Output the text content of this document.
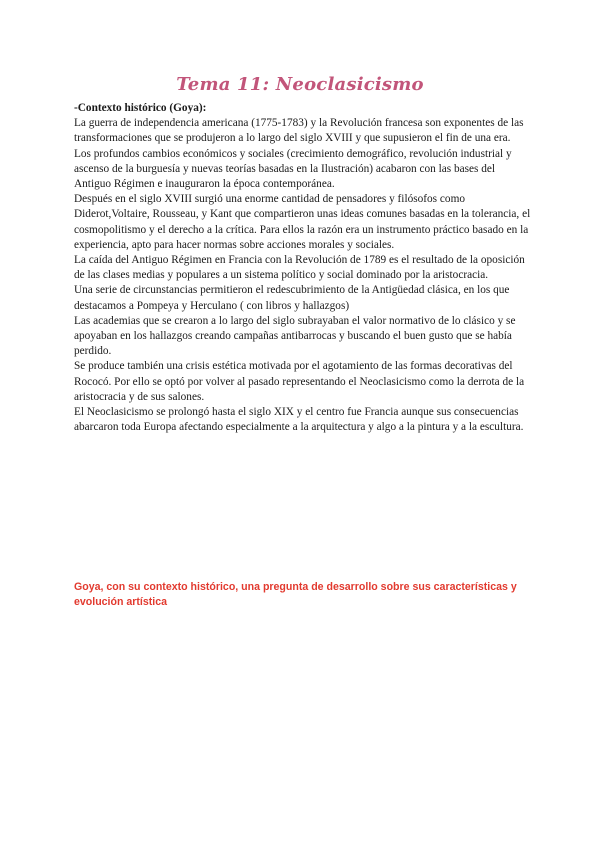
Tema 11: Neoclasicismo

-Contexto histórico (Goya):

La guerra de independencia americana (1775-1783) y la Revolución francesa son exponentes de las transformaciones que se produjeron a lo largo del siglo XVIII y que supusieron el fin de una era.

Los profundos cambios económicos y sociales (crecimiento demográfico, revolución industrial y ascenso de la burguesía y nuevas teorías basadas en la Ilustración) acabaron con las bases del Antiguo Régimen e inauguraron la época contemporánea.

Después en el siglo XVIII surgió una enorme cantidad de pensadores y filósofos como Diderot,Voltaire, Rousseau, y Kant que compartieron unas ideas comunes basadas en la tolerancia, el cosmopolitismo y el derecho a la crítica. Para ellos la razón era un instrumento práctico basado en la experiencia, apto para hacer normas sobre acciones morales y sociales.

La caída del Antiguo Régimen en Francia con la Revolución de 1789 es el resultado de la oposición de las clases medias y populares a un sistema político y social dominado por la aristocracia.

Una serie de circunstancias permitieron el redescubrimiento de la Antigüedad clásica, en los que destacamos a Pompeya y Herculano ( con libros y hallazgos)

Las academias que se crearon a lo largo del siglo subrayaban el valor normativo de lo clásico y se apoyaban en los hallazgos creando campañas antibarrocas y buscando el buen gusto que se había perdido.

Se produce también una crisis estética motivada por el agotamiento de las formas decorativas del Rococó. Por ello se optó por volver al pasado representando el Neoclasicismo como la derrota de la aristocracia y de sus salones.

El Neoclasicismo se prolongó hasta el siglo XIX y el centro fue Francia aunque sus consecuencias abarcaron toda Europa afectando especialmente a la arquitectura y algo a la pintura y a la escultura.

Goya, con su contexto histórico, una pregunta de desarrollo sobre sus características y evolución artística
